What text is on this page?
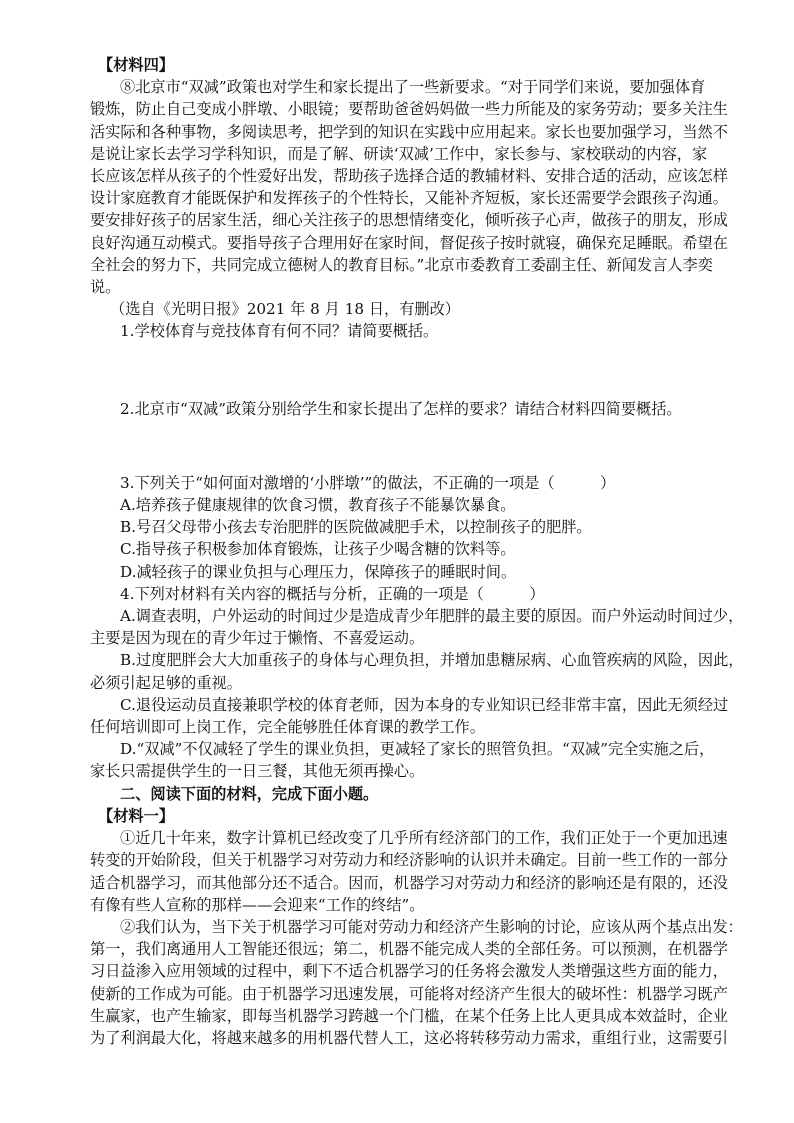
【材料四】

⑧北京市“双减”政策也对学生和家长提出了一些新要求。“对于同学们来说，要加强体育

锻炼，防止自己变成小胖墩、小眼镜；要帮助爸爸妈妈做一些力所能及的家务劳动；要多关注生

活实际和各种事物，多阅读思考，把学到的知识在实践中应用起来。家长也要加强学习，当然不

是说让家长去学习学科知识，而是了解、研读‘双减’工作中，家长参与、家校联动的内容，家

长应该怎样从孩子的个性爱好出发，帮助孩子选择合适的教辅材料、安排合适的活动，应该怎样

设计家庭教育才能既保护和发挥孩子的个性特长，又能补齐短板，家长还需要学会跟孩子沟通。

要安排好孩子的居家生活，细心关注孩子的思想情绪变化，倾听孩子心声，做孩子的朋友，形成

良好沟通互动模式。要指导孩子合理用好在家时间，督促孩子按时就寝，确保充足睡眠。希望在

全社会的努力下，共同完成立德树人的教育目标。”北京市委教育工委副主任、新闻发言人李奕

说。

（选自《光明日报》2021 年 8 月 18 日，有删改）

1.学校体育与竞技体育有何不同？请简要概括。

2.北京市“双减”政策分别给学生和家长提出了怎样的要求？请结合材料四简要概括。

3.下列关于“如何面对激增的‘小胖墩’”的做法，不正确的一项是（　　　）

A.培养孩子健康规律的饮食习惯，教育孩子不能暴饮暴食。

B.号召父母带小孩去专治肥胖的医院做减肥手术，以控制孩子的肥胖。

C.指导孩子积极参加体育锻炼，让孩子少喝含糖的饮料等。

D.减轻孩子的课业负担与心理压力，保障孩子的睡眠时间。

4.下列对材料有关内容的概括与分析，正确的一项是（　　　）

A.调查表明，户外运动的时间过少是造成青少年肥胖的最主要的原因。而户外运动时间过少，

主要是因为现在的青少年过于懒惰、不喜爱运动。

B.过度肥胖会大大加重孩子的身体与心理负担，并增加患糖尿病、心血管疾病的风险，因此，

必须引起足够的重视。

C.退役运动员直接兼职学校的体育老师，因为本身的专业知识已经非常丰富，因此无须经过

任何培训即可上岗工作，完全能够胜任体育课的教学工作。

D.“双减”不仅减轻了学生的课业负担，更减轻了家长的照管负担。“双减”完全实施之后，

家长只需提供学生的一日三餐，其他无须再操心。

二、阅读下面的材料，完成下面小题。

【材料一】

①近几十年来，数字计算机已经改变了几乎所有经济部门的工作，我们正处于一个更加迅速

转变的开始阶段，但关于机器学习对劳动力和经济影响的认识并未确定。目前一些工作的一部分

适合机器学习，而其他部分还不适合。因而，机器学习对劳动力和经济的影响还是有限的，还没

有像有些人宣称的那样——会迎来“工作的终结”。

②我们认为，当下关于机器学习可能对劳动力和经济产生影响的讨论，应该从两个基点出发：

第一，我们离通用人工智能还很远；第二，机器不能完成人类的全部任务。可以预测，在机器学

习日益渗入应用领域的过程中，剩下不适合机器学习的任务将会激发人类增强这些方面的能力，

使新的工作成为可能。由于机器学习迅速发展，可能将对经济产生很大的破坏性：机器学习既产

生赢家，也产生输家，即每当机器学习跨越一个门槛，在某个任务上比人更具成本效益时，企业

为了利润最大化，将越来越多的用机器代替人工，这必将转移劳动力需求，重组行业，这需要引
